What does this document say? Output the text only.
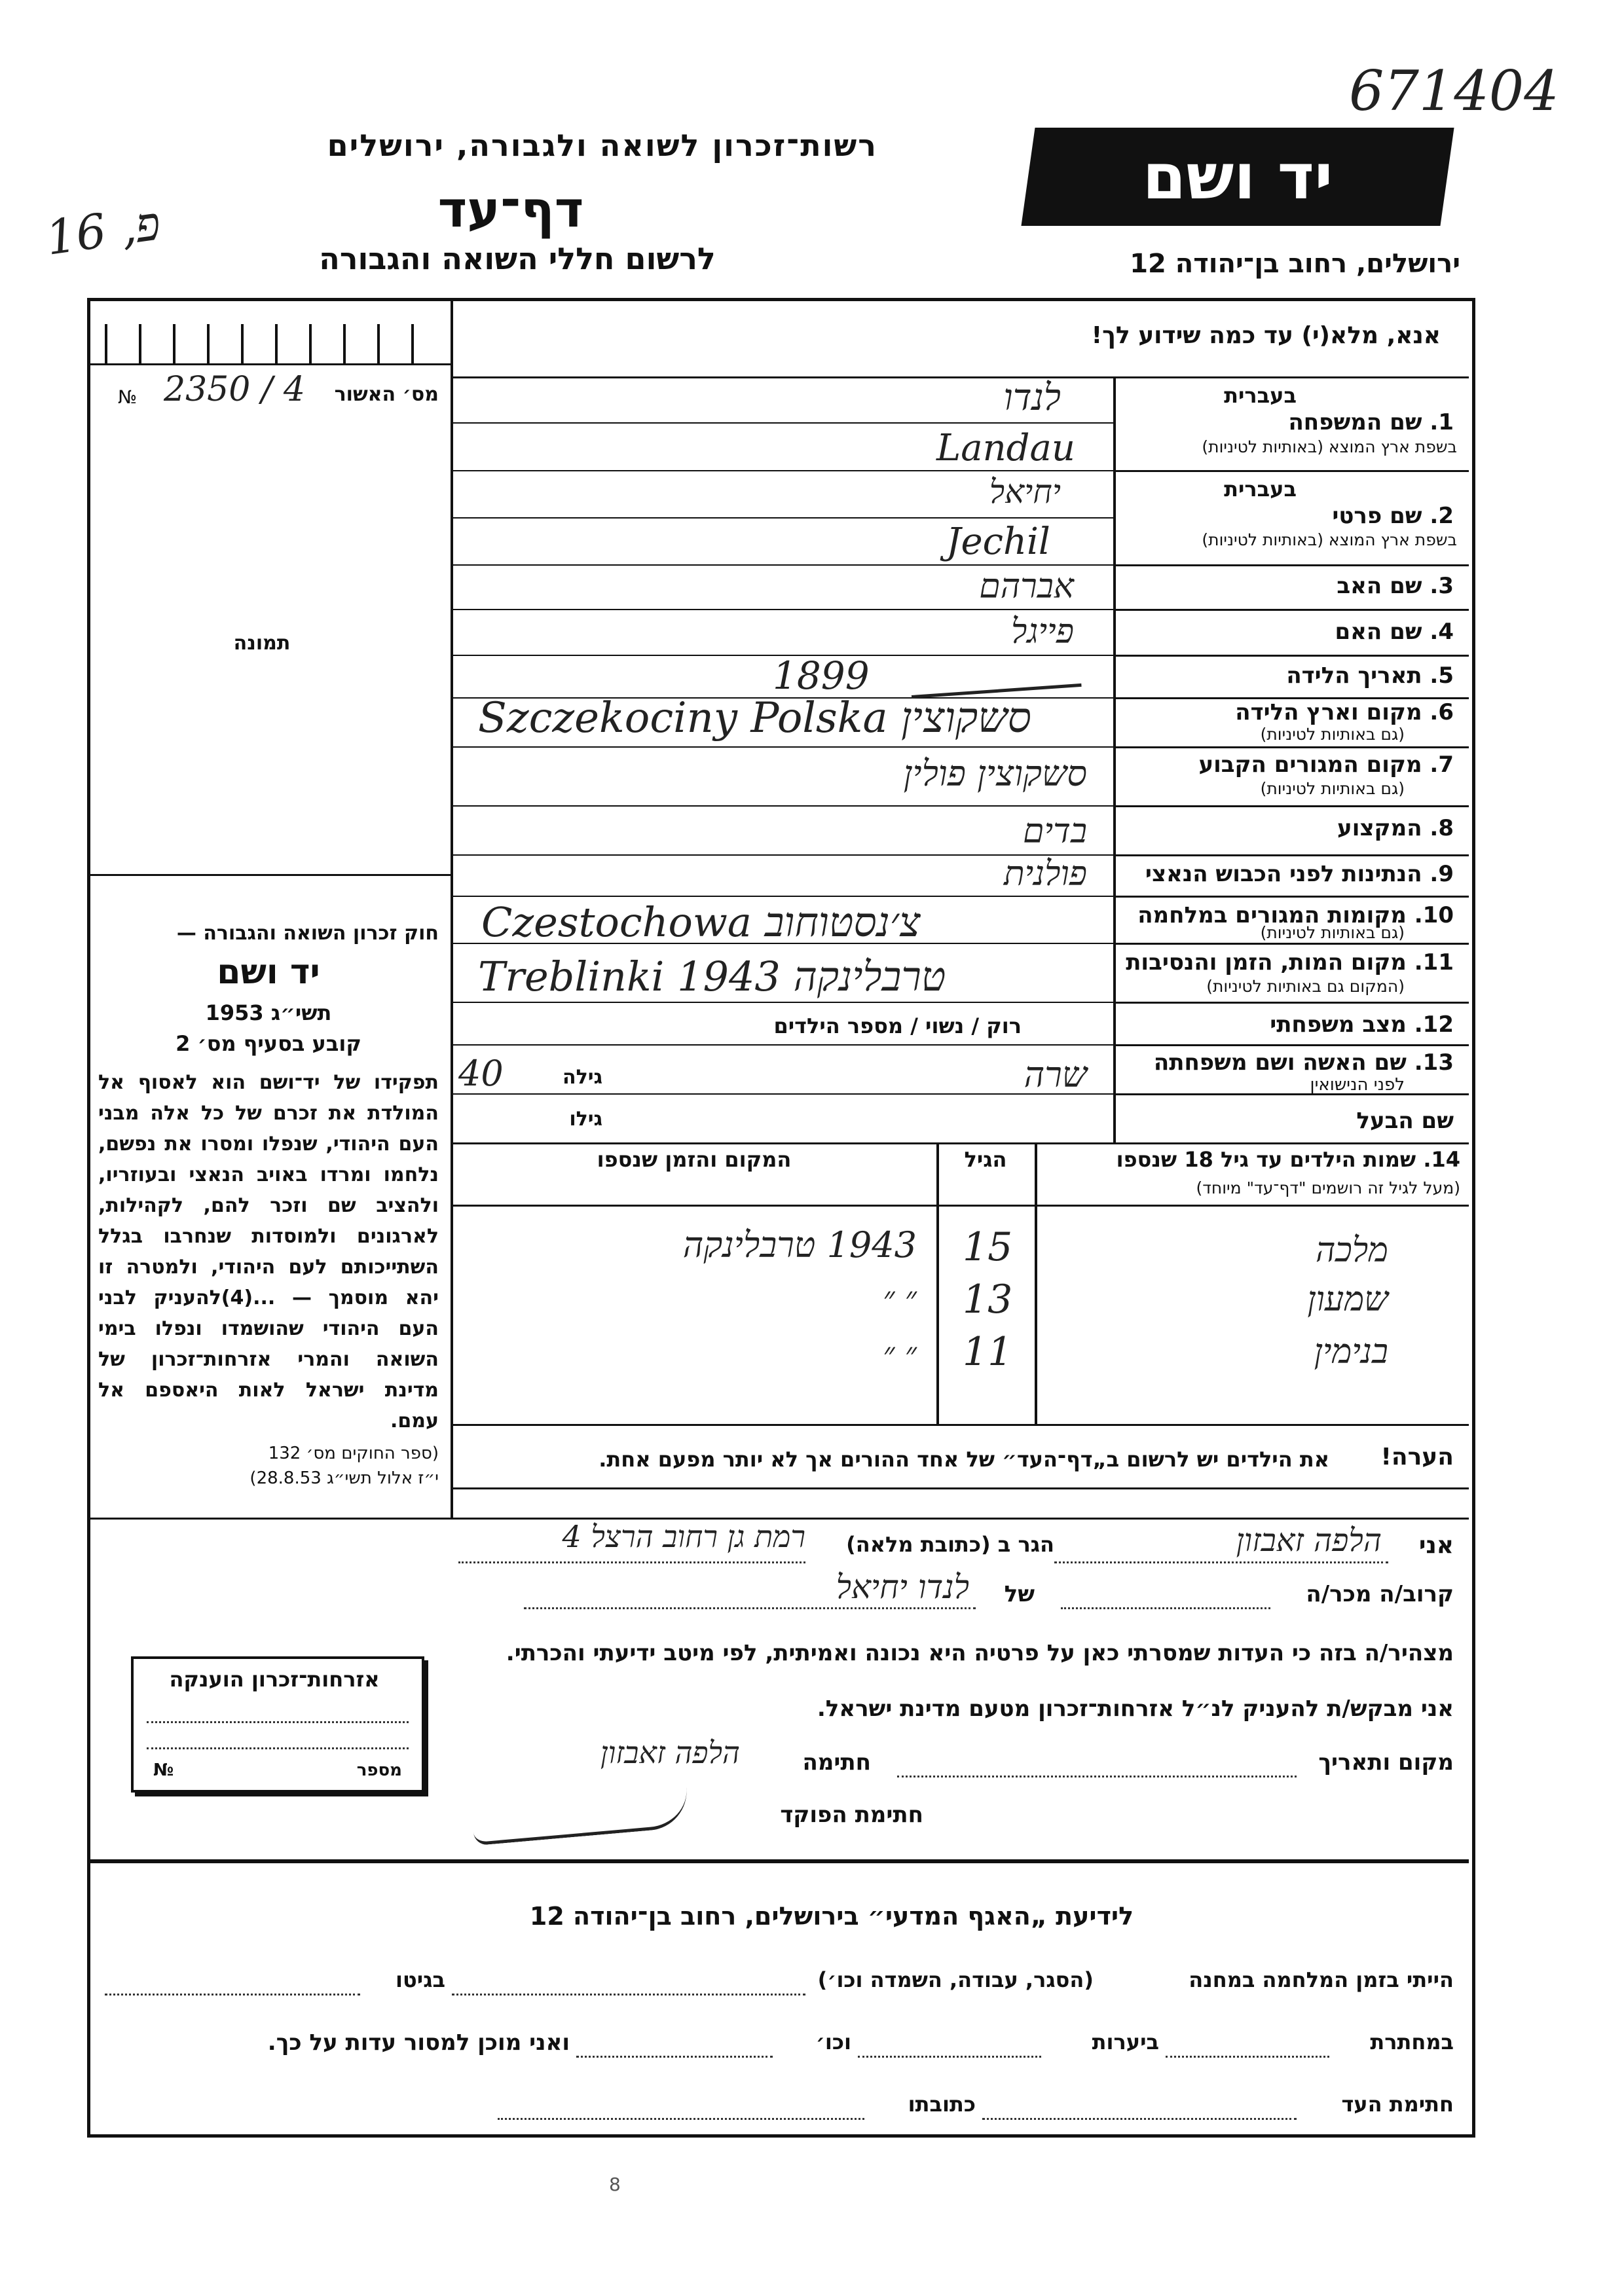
671404
16 ‚פ
רשות־זכרון לשואה ולגבורה, ירושלים
דף־עד
לרשום חללי השואה והגבורה
יד ושם
ירושלים, רחוב בן־יהודה 12
אנא, מלא(י) עד כמה שידוע לך!
מס׳ האשור
2350 / 4
№
תמונה
חוק זכרון השואה והגבורה —
יד ושם
תשי״ג 1953
קובע בסעיף מס׳ 2
תפקידו של יד־ושם הוא לאסוף אל המולדת את זכרם של כל אלה מבני העם היהודי, שנפלו ומסרו את נפשם, נלחמו ומרדו באויב הנאצי ובעוזריו, ולהציב שם וזכר להם, לקהילות, לארגונים ולמוסדות שנחרבו בגלל השתייכותם לעם היהודי, ולמטרה זו יהא מוסמך — ...(4)להעניק לבני העם היהודי שהושמדו ונפלו בימי השואה והמרי אזרחות־זכרון של מדינת ישראל לאות היאספם אל עמם.
(ספר החוקים מס׳ 132
י״ז אלול תשי״ג 28.8.53)
בעברית
1. שם המשפחה
בשפת ארץ המוצא (באותיות לטיניות)
לנדו
Landau
בעברית
2. שם פרטי
בשפת ארץ המוצא (באותיות לטיניות)
יחיאל
Jechil
3. שם האב
אברהם
4. שם האם
פייגל
5. תאריך הלידה
1899
6. מקום וארץ הלידה
(גם באותיות לטיניות)
Szczekociny Polska סשקוצין
7. מקום המגורים הקבוע
(גם באותיות לטיניות)
סשקוצין פולין
8. המקצוע
בדים
9. הנתינות לפני הכבוש הנאצי
פולנית
10. מקומות המגורים במלחמה
(גם באותיות לטיניות)
Czestochowa צ׳נסטוחוב
11. מקום המות, הזמן והנסיבות
(המקום גם באותיות לטיניות)
Treblinki 1943 טרבלינקה
12. מצב משפחתי
רוק / נשוי / מספר הילדים
13. שם האשה ושם משפחתה
לפני הנישואין
שרה
גילה
40
שם הבעל
גילו
14. שמות הילדים עד גיל 18 שנספו
(מעל לגיל זה רושמים "דף־עד" מיוחד)
הגיל
המקום והזמן שנספו
מלכה
15
1943 טרבלינקה
שמעון
13
״ ״
בנימין
11
״ ״
הערה!
את הילדים יש לרשום ב„דף־העד״ של אחד ההורים אך לא יותר מפעם אחת.
אני
הלפה זאבזון
הגר ב (כתובת מלאה)
רמת גן רחוב הרצל 4
קרוב/ה מכר/ה
של
לנדו יחיאל
מצהיר/ה בזה כי העדות שמסרתי כאן על פרטיה היא נכונה ואמיתית, לפי מיטב ידיעתי והכרתי.
אני מבקש/ת להעניק לנ״ל אזרחות־זכרון מטעם מדינת ישראל.
מקום ותאריך
חתימה
הלפה זאבזון
חתימת הפוקד
אזרחות־זכרון הוענקה
№	מספר
לידיעת „האגף המדעי״ בירושלים, רחוב בן־יהודה 12
הייתי בזמן המלחמה במחנה
(הסגר, עבודה, השמדה וכו׳)
בגיטו
במחתרת
ביערות
וכו׳
ואני מוכן למסור עדות על כך.
חתימת העד
כתובתו
8
